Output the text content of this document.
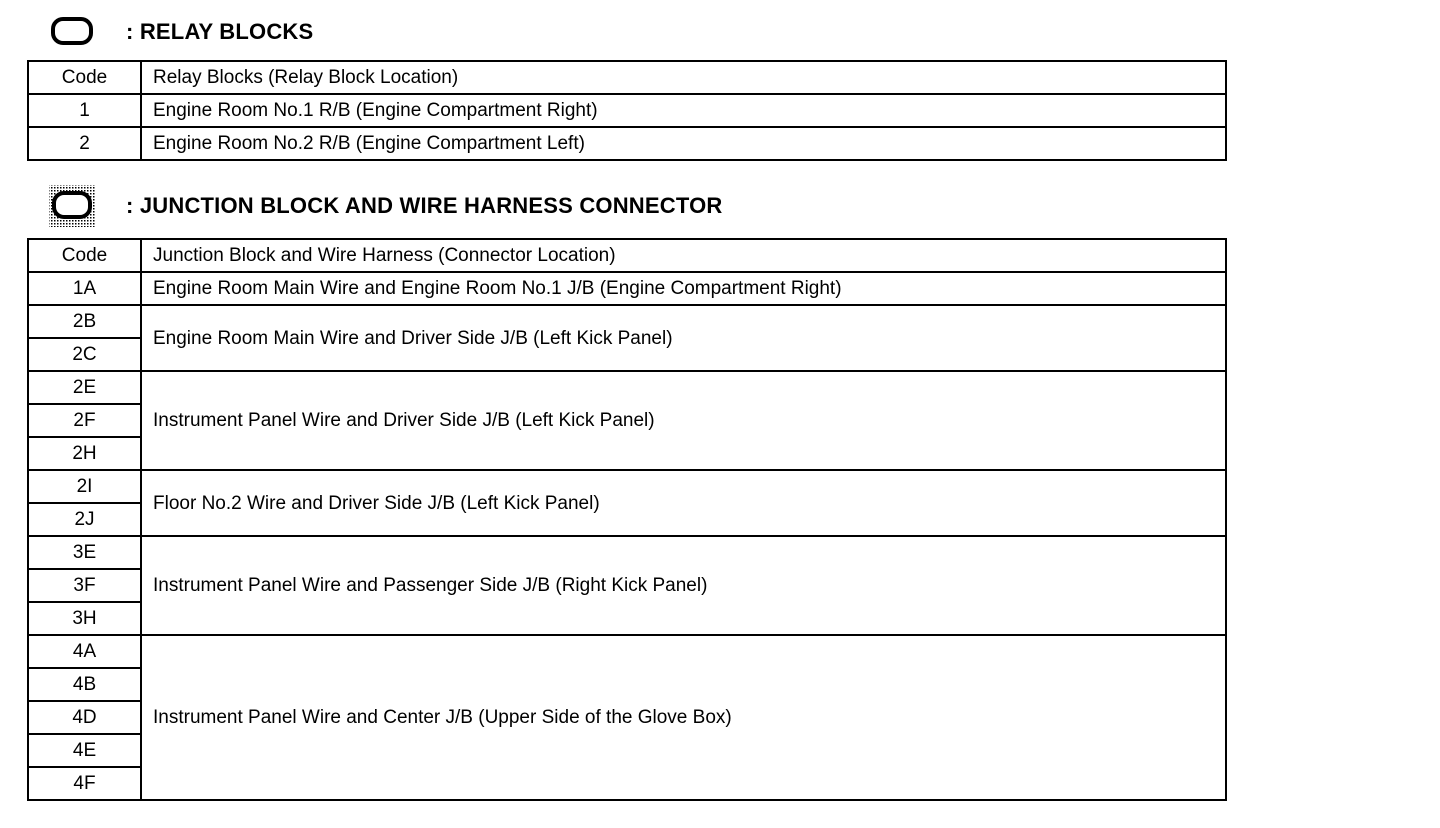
: RELAY BLOCKS
Code	Relay Blocks (Relay Block Location)
1	Engine Room No.1 R/B (Engine Compartment Right)
2	Engine Room No.2 R/B (Engine Compartment Left)
: JUNCTION BLOCK AND WIRE HARNESS CONNECTOR
Code	Junction Block and Wire Harness (Connector Location)
1A	Engine Room Main Wire and Engine Room No.1 J/B (Engine Compartment Right)
2B	Engine Room Main Wire and Driver Side J/B (Left Kick Panel)
2C	
2E	Instrument Panel Wire and Driver Side J/B (Left Kick Panel)
2F	
2H	
2I	Floor No.2 Wire and Driver Side J/B (Left Kick Panel)
2J	
3E	Instrument Panel Wire and Passenger Side J/B (Right Kick Panel)
3F	
3H	
4A	Instrument Panel Wire and Center J/B (Upper Side of the Glove Box)
4B	
4D	
4E	
4F	
